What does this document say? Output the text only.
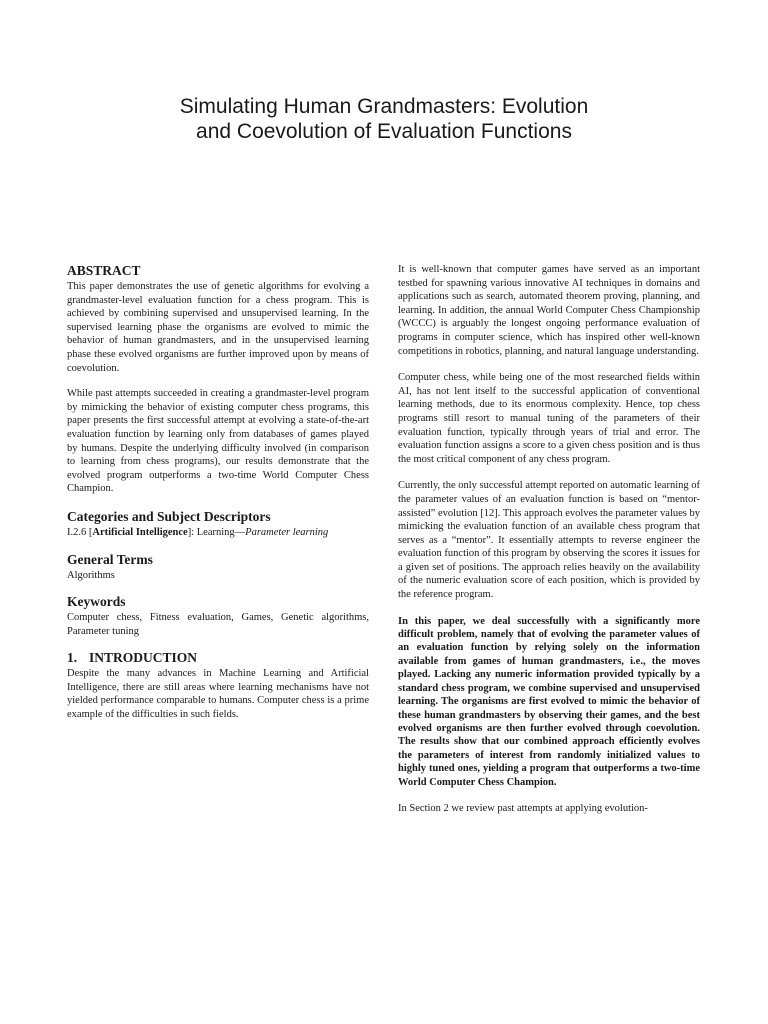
Simulating Human Grandmasters: Evolution
and Coevolution of Evaluation Functions
ABSTRACT

This paper demonstrates the use of genetic algorithms for evolving a grandmaster-level evaluation function for a chess program. This is achieved by combining supervised and unsupervised learning. In the supervised learning phase the organisms are evolved to mimic the behavior of human grandmasters, and in the unsupervised learning phase these evolved organisms are further improved upon by means of coevolution.

While past attempts succeeded in creating a grandmaster-level program by mimicking the behavior of existing computer chess programs, this paper presents the first successful attempt at evolving a state-of-the-art evaluation function by learning only from databases of games played by humans. Despite the underlying difficulty involved (in comparison to learning from chess programs), our results demonstrate that the evolved program outperforms a two-time World Computer Chess Champion.

Categories and Subject Descriptors

I.2.6 [Artificial Intelligence]: Learning—Parameter learning

General Terms

Algorithms

Keywords

Computer chess, Fitness evaluation, Games, Genetic algorithms, Parameter tuning

1. INTRODUCTION

Despite the many advances in Machine Learning and Artificial Intelligence, there are still areas where learning mechanisms have not yielded performance comparable to humans. Computer chess is a prime example of the difficulties in such fields.

It is well-known that computer games have served as an important testbed for spawning various innovative AI techniques in domains and applications such as search, automated theorem proving, planning, and learning. In addition, the annual World Computer Chess Championship (WCCC) is arguably the longest ongoing performance evaluation of programs in computer science, which has inspired other well-known competitions in robotics, planning, and natural language understanding.

Computer chess, while being one of the most researched fields within AI, has not lent itself to the successful application of conventional learning methods, due to its enormous complexity. Hence, top chess programs still resort to manual tuning of the parameters of their evaluation function, typically through years of trial and error. The evaluation function assigns a score to a given chess position and is thus the most critical component of any chess program.

Currently, the only successful attempt reported on automatic learning of the parameter values of an evaluation function is based on “mentor-assisted” evolution [12]. This approach evolves the parameter values by mimicking the evaluation function of an available chess program that serves as a “mentor”. It essentially attempts to reverse engineer the evaluation function of this program by observing the scores it issues for a given set of positions. The approach relies heavily on the availability of the numeric evaluation score of each position, which is provided by the reference program.

In this paper, we deal successfully with a significantly more difficult problem, namely that of evolving the parameter values of an evaluation function by relying solely on the information available from games of human grandmasters, i.e., the moves played. Lacking any numeric information provided typically by a standard chess program, we combine supervised and unsupervised learning. The organisms are first evolved to mimic the behavior of these human grandmasters by observing their games, and the best evolved organisms are then further evolved through coevolution. The results show that our combined approach efficiently evolves the parameters of interest from randomly initialized values to highly tuned ones, yielding a program that outperforms a two-time World Computer Chess Champion.

In Section 2 we review past attempts at applying evolution-
